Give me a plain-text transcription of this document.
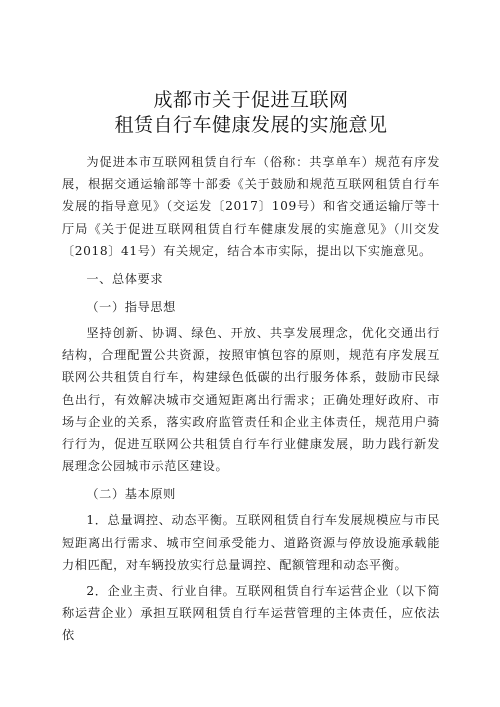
成都市关于促进互联网
租赁自行车健康发展的实施意见

为促进本市互联网租赁自行车（俗称：共享单车）规范有序发展，根据交通运输部等十部委《关于鼓励和规范互联网租赁自行车发展的指导意见》（交运发〔2017〕109号）和省交通运输厅等十厅局《关于促进互联网租赁自行车健康发展的实施意见》（川交发〔2018〕41号）有关规定，结合本市实际，提出以下实施意见。

一、总体要求

（一）指导思想

坚持创新、协调、绿色、开放、共享发展理念，优化交通出行结构，合理配置公共资源，按照审慎包容的原则，规范有序发展互联网公共租赁自行车，构建绿色低碳的出行服务体系，鼓励市民绿色出行，有效解决城市交通短距离出行需求；正确处理好政府、市场与企业的关系，落实政府监管责任和企业主体责任，规范用户骑行行为，促进互联网公共租赁自行车行业健康发展，助力践行新发展理念公园城市示范区建设。

（二）基本原则

1．总量调控、动态平衡。互联网租赁自行车发展规模应与市民短距离出行需求、城市空间承受能力、道路资源与停放设施承载能力相匹配，对车辆投放实行总量调控、配额管理和动态平衡。

2．企业主责、行业自律。互联网租赁自行车运营企业（以下简称运营企业）承担互联网租赁自行车运营管理的主体责任，应依法依
